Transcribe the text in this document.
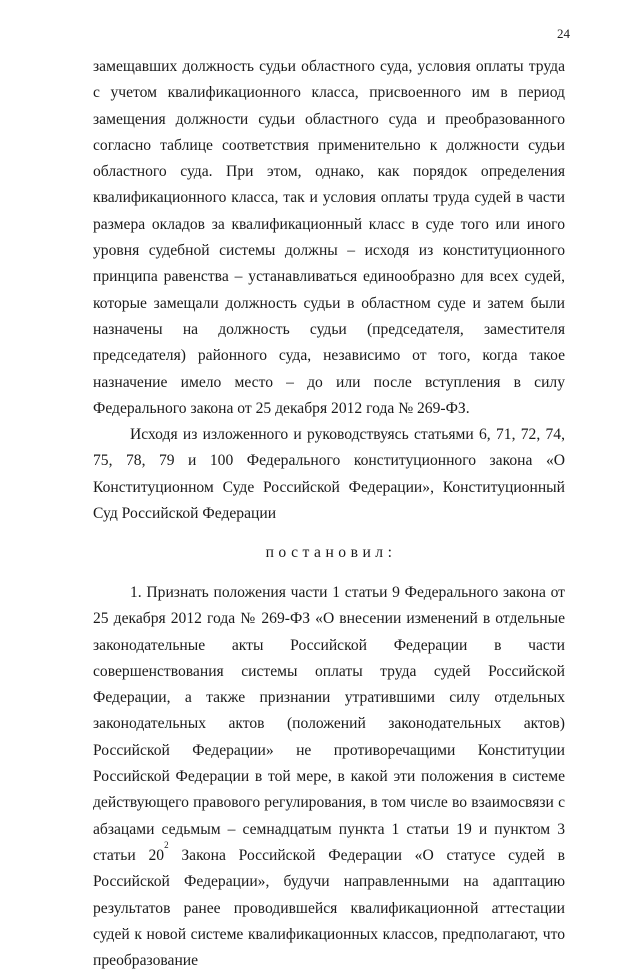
24

замещавших должность судьи областного суда, условия оплаты труда с учетом квалификационного класса, присвоенного им в период замещения должности судьи областного суда и преобразованного согласно таблице соответствия применительно к должности судьи областного суда. При этом, однако, как порядок определения квалификационного класса, так и условия оплаты труда судей в части размера окладов за квалификационный класс в суде того или иного уровня судебной системы должны – исходя из конституционного принципа равенства – устанавливаться единообразно для всех судей, которые замещали должность судьи в областном суде и затем были назначены на должность судьи (председателя, заместителя председателя) районного суда, независимо от того, когда такое назначение имело место – до или после вступления в силу Федерального закона от 25 декабря 2012 года № 269-ФЗ.

Исходя из изложенного и руководствуясь статьями 6, 71, 72, 74, 75, 78, 79 и 100 Федерального конституционного закона «О Конституционном Суде Российской Федерации», Конституционный Суд Российской Федерации

постановил:

1. Признать положения части 1 статьи 9 Федерального закона от 25 декабря 2012 года № 269-ФЗ «О внесении изменений в отдельные законодательные акты Российской Федерации в части совершенствования системы оплаты труда судей Российской Федерации, а также признании утратившими силу отдельных законодательных актов (положений законодательных актов) Российской Федерации» не противоречащими Конституции Российской Федерации в той мере, в какой эти положения в системе действующего правового регулирования, в том числе во взаимосвязи с абзацами седьмым – семнадцатым пункта 1 статьи 19 и пунктом 3 статьи 20$^2$ Закона Российской Федерации «О статусе судей в Российской Федерации», будучи направленными на адаптацию результатов ранее проводившейся квалификационной аттестации судей к новой системе квалификационных классов, предполагают, что преобразование
